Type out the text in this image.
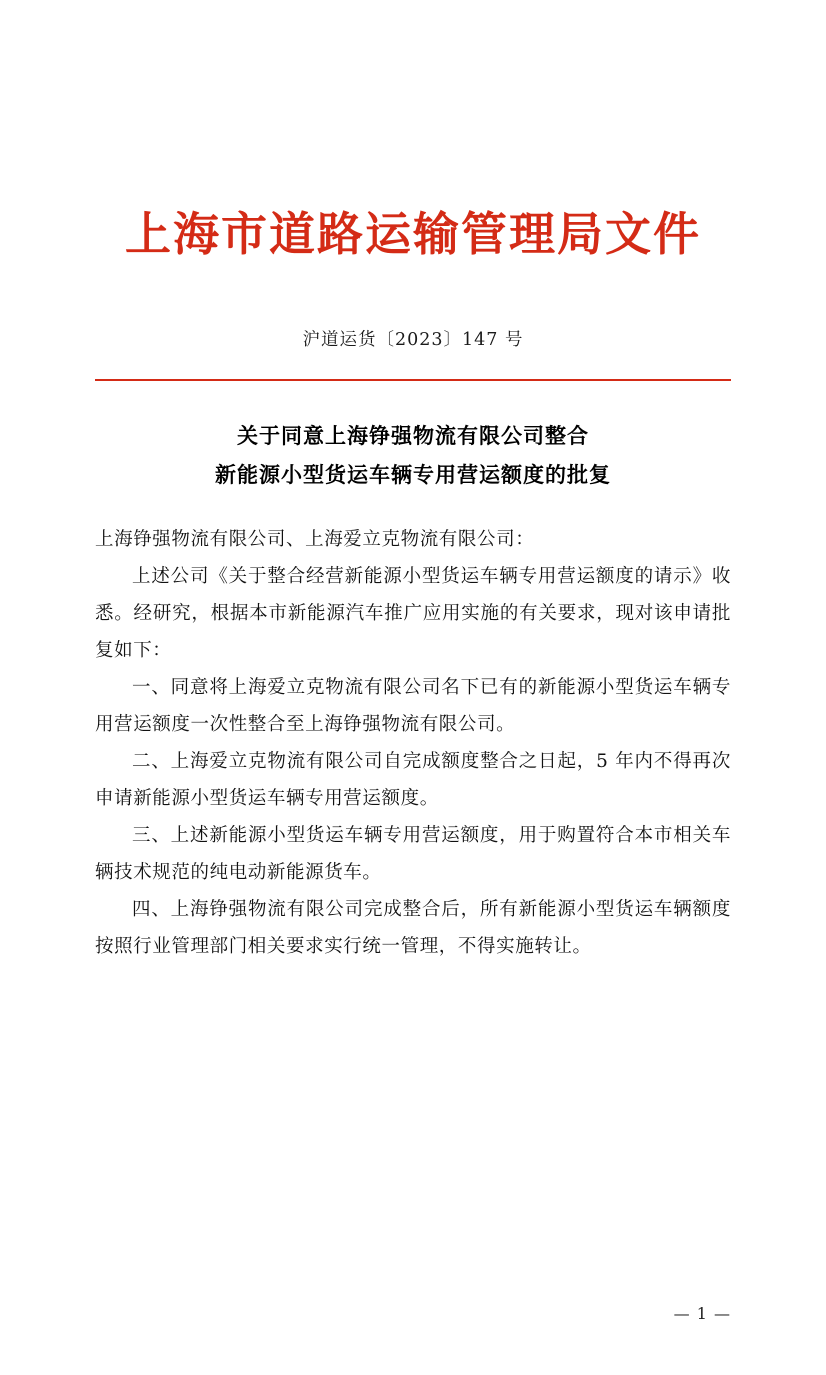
上海市道路运输管理局文件
沪道运货〔2023〕147 号
关于同意上海铮强物流有限公司整合
新能源小型货运车辆专用营运额度的批复

上海铮强物流有限公司、上海爱立克物流有限公司：

上述公司《关于整合经营新能源小型货运车辆专用营运额度的请示》收悉。经研究，根据本市新能源汽车推广应用实施的有关要求，现对该申请批复如下：

一、同意将上海爱立克物流有限公司名下已有的新能源小型货运车辆专用营运额度一次性整合至上海铮强物流有限公司。

二、上海爱立克物流有限公司自完成额度整合之日起，5 年内不得再次申请新能源小型货运车辆专用营运额度。

三、上述新能源小型货运车辆专用营运额度，用于购置符合本市相关车辆技术规范的纯电动新能源货车。

四、上海铮强物流有限公司完成整合后，所有新能源小型货运车辆额度按照行业管理部门相关要求实行统一管理，不得实施转让。

— 1 —
